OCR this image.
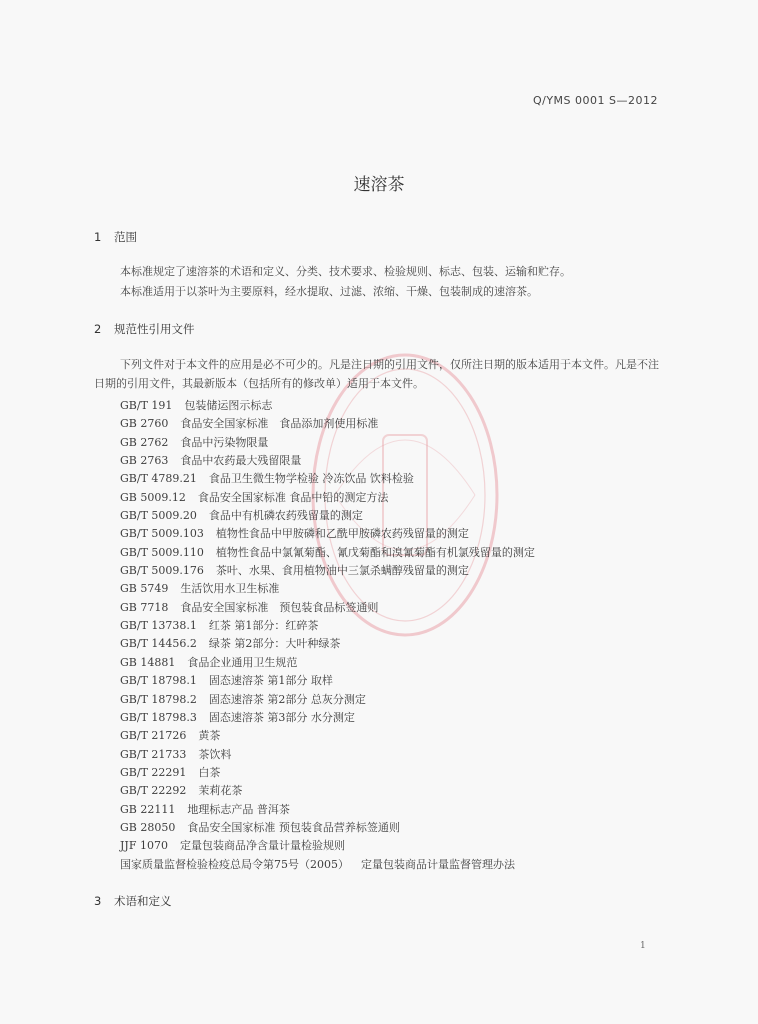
Q/YMS 0001 S—2012
速溶茶
1 范围
本标准规定了速溶茶的术语和定义、分类、技术要求、检验规则、标志、包装、运输和贮存。
本标准适用于以茶叶为主要原料，经水提取、过滤、浓缩、干燥、包装制成的速溶茶。
2 规范性引用文件
下列文件对于本文件的应用是必不可少的。凡是注日期的引用文件，仅所注日期的版本适用于本文件。凡是不注日期的引用文件，其最新版本（包括所有的修改单）适用于本文件。
GB/T 191 包装储运图示标志
GB 2760 食品安全国家标准　食品添加剂使用标准
GB 2762 食品中污染物限量
GB 2763 食品中农药最大残留限量
GB/T 4789.21 食品卫生微生物学检验 冷冻饮品 饮料检验
GB 5009.12 食品安全国家标准 食品中铅的测定方法
GB/T 5009.20 食品中有机磷农药残留量的测定
GB/T 5009.103 植物性食品中甲胺磷和乙酰甲胺磷农药残留量的测定
GB/T 5009.110 植物性食品中氯氰菊酯、氰戊菊酯和溴氰菊酯有机氯残留量的测定
GB/T 5009.176 茶叶、水果、食用植物油中三氯杀螨醇残留量的测定
GB 5749 生活饮用水卫生标准
GB 7718 食品安全国家标准　预包装食品标签通则
GB/T 13738.1 红茶 第1部分：红碎茶
GB/T 14456.2 绿茶 第2部分：大叶种绿茶
GB 14881 食品企业通用卫生规范
GB/T 18798.1 固态速溶茶 第1部分 取样
GB/T 18798.2 固态速溶茶 第2部分 总灰分测定
GB/T 18798.3 固态速溶茶 第3部分 水分测定
GB/T 21726 黄茶
GB/T 21733 茶饮料
GB/T 22291 白茶
GB/T 22292 茉莉花茶
GB 22111 地理标志产品 普洱茶
GB 28050 食品安全国家标准 预包装食品营养标签通则
JJF 1070 定量包装商品净含量计量检验规则
国家质量监督检验检疫总局令第75号（2005） 定量包装商品计量监督管理办法
3 术语和定义
1
